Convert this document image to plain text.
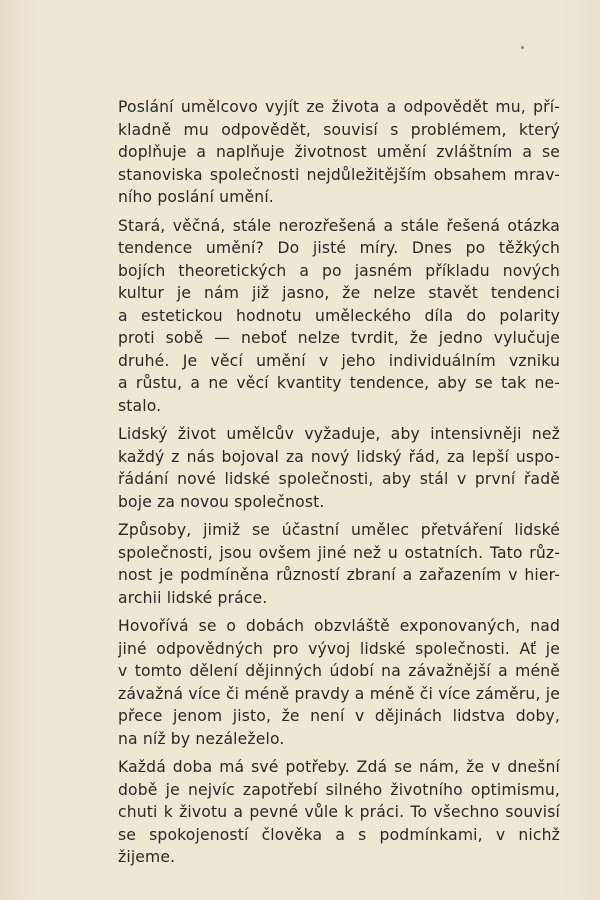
Poslání umělcovo vyjít ze života a odpovědět mu, pří-
kladně mu odpovědět, souvisí s problémem, který
doplňuje a naplňuje životnost umění zvláštním a se
stanoviska společnosti nejdůležitějším obsahem mrav-
ního poslání umění.
Stará, věčná, stále nerozřešená a stále řešená otázka
tendence umění? Do jisté míry. Dnes po těžkých
bojích theoretických a po jasném příkladu nových
kultur je nám již jasno, že nelze stavět tendenci
a estetickou hodnotu uměleckého díla do polarity
proti sobě — neboť nelze tvrdit, že jedno vylučuje
druhé. Je věcí umění v jeho individuálním vzniku
a růstu, a ne věcí kvantity tendence, aby se tak ne-
stalo.
Lidský život umělcův vyžaduje, aby intensivněji než
každý z nás bojoval za nový lidský řád, za lepší uspo-
řádání nové lidské společnosti, aby stál v první řadě
boje za novou společnost.
Způsoby, jimiž se účastní umělec přetváření lidské
společnosti, jsou ovšem jiné než u ostatních. Tato růz-
nost je podmíněna růzností zbraní a zařazením v hier-
archii lidské práce.
Hovořívá se o dobách obzvláště exponovaných, nad
jiné odpovědných pro vývoj lidské společnosti. Ať je
v tomto dělení dějinných údobí na závažnější a méně
závažná více či méně pravdy a méně či více záměru, je
přece jenom jisto, že není v dějinách lidstva doby,
na níž by nezáleželo.
Každá doba má své potřeby. Zdá se nám, že v dnešní
době je nejvíc zapotřebí silného životního optimismu,
chuti k životu a pevné vůle k práci. To všechno souvisí
se spokojeností člověka a s podmínkami, v nichž
žijeme.
